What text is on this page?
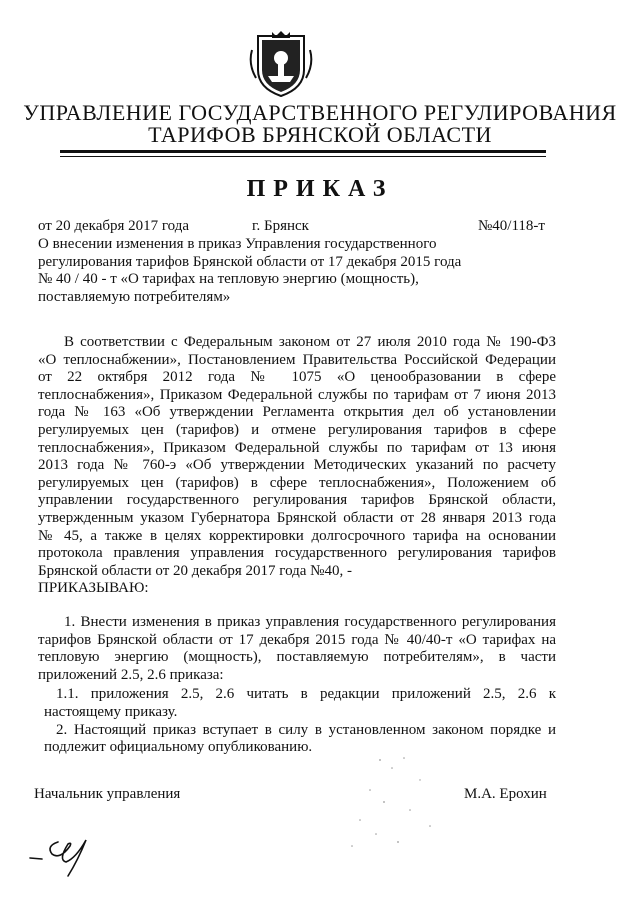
УПРАВЛЕНИЕ ГОСУДАРСТВЕННОГО РЕГУЛИРОВАНИЯ
ТАРИФОВ БРЯНСКОЙ ОБЛАСТИ
ПРИКАЗ
от 20 декабря 2017 года	г. Брянск	№40/118-т
О внесении изменения в приказ Управления государственного
регулирования тарифов Брянской области от 17 декабря 2015 года
№ 40 / 40 - т «О тарифах на тепловую энергию (мощность),
поставляемую потребителям»
В соответствии с Федеральным законом от 27 июля 2010 года № 190-ФЗ
«О теплоснабжении», Постановлением Правительства Российской Федерации
от 22 октября 2012 года № 1075 «О ценообразовании в сфере
теплоснабжения», Приказом Федеральной службы по тарифам от 7 июня 2013
года № 163 «Об утверждении Регламента открытия дел об установлении
регулируемых цен (тарифов) и отмене регулирования тарифов в сфере
теплоснабжения», Приказом Федеральной службы по тарифам от 13 июня
2013 года № 760-э «Об утверждении Методических указаний по расчету
регулируемых цен (тарифов) в сфере теплоснабжения», Положением об
управлении государственного регулирования тарифов Брянской области,
утвержденным указом Губернатора Брянской области от 28 января 2013 года
№ 45, а также в целях корректировки долгосрочного тарифа на основании
протокола правления управления государственного регулирования тарифов
Брянской области от 20 декабря 2017 года №40, -
ПРИКАЗЫВАЮ:
1. Внести изменения в приказ управления государственного регулирования
тарифов Брянской области от 17 декабря 2015 года № 40/40-т «О тарифах на
тепловую энергию (мощность), поставляемую потребителям», в части
приложений 2.5, 2.6 приказа:
1.1. приложения 2.5, 2.6 читать в редакции приложений 2.5, 2.6 к
настоящему приказу.
2. Настоящий приказ вступает в силу в установленном законом порядке и
подлежит официальному опубликованию.
Начальник управления	М.А. Ерохин
